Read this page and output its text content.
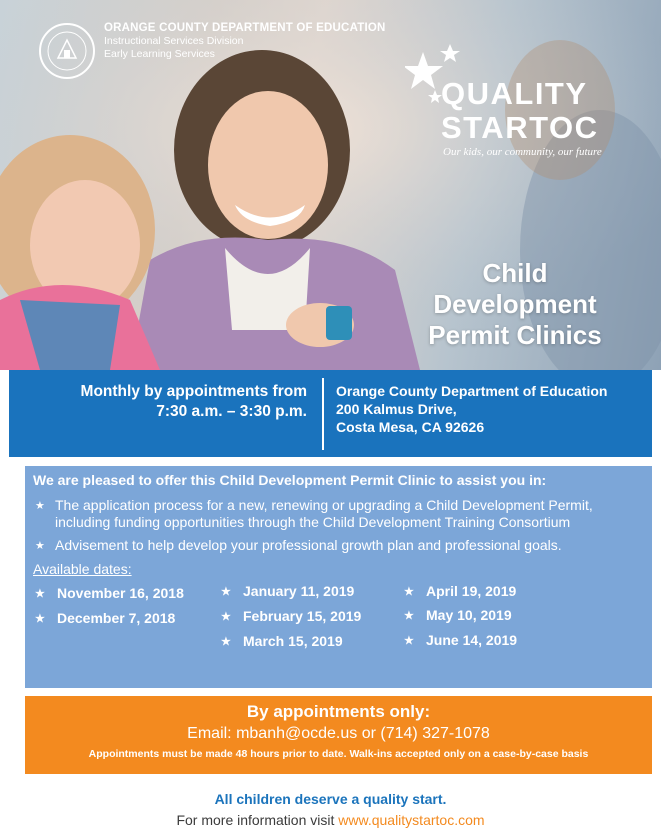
ORANGE COUNTY DEPARTMENT OF EDUCATION
Instructional Services Division
Early Learning Services
QUALITY
STARTOC
Our kids, our community, our future
Child
Development
Permit Clinics
Monthly by appointments from
7:30 a.m. – 3:30 p.m.
Orange County Department of Education
200 Kalmus Drive,
Costa Mesa, CA 92626
We are pleased to offer this Child Development Permit Clinic to assist you in:
★ The application process for a new, renewing or upgrading a Child Development Permit, including funding opportunities through the Child Development Training Consortium
★ Advisement to help develop your professional growth plan and professional goals.
Available dates:
★ November 16, 2018
★ December 7, 2018
★ January 11, 2019
★ February 15, 2019
★ March 15, 2019
★ April 19, 2019
★ May 10, 2019
★ June 14, 2019
By appointments only:
Email: mbanh@ocde.us or (714) 327-1078
Appointments must be made 48 hours prior to date. Walk-ins accepted only on a case-by-case basis
All children deserve a quality start.
For more information visit www.qualitystartoc.com
